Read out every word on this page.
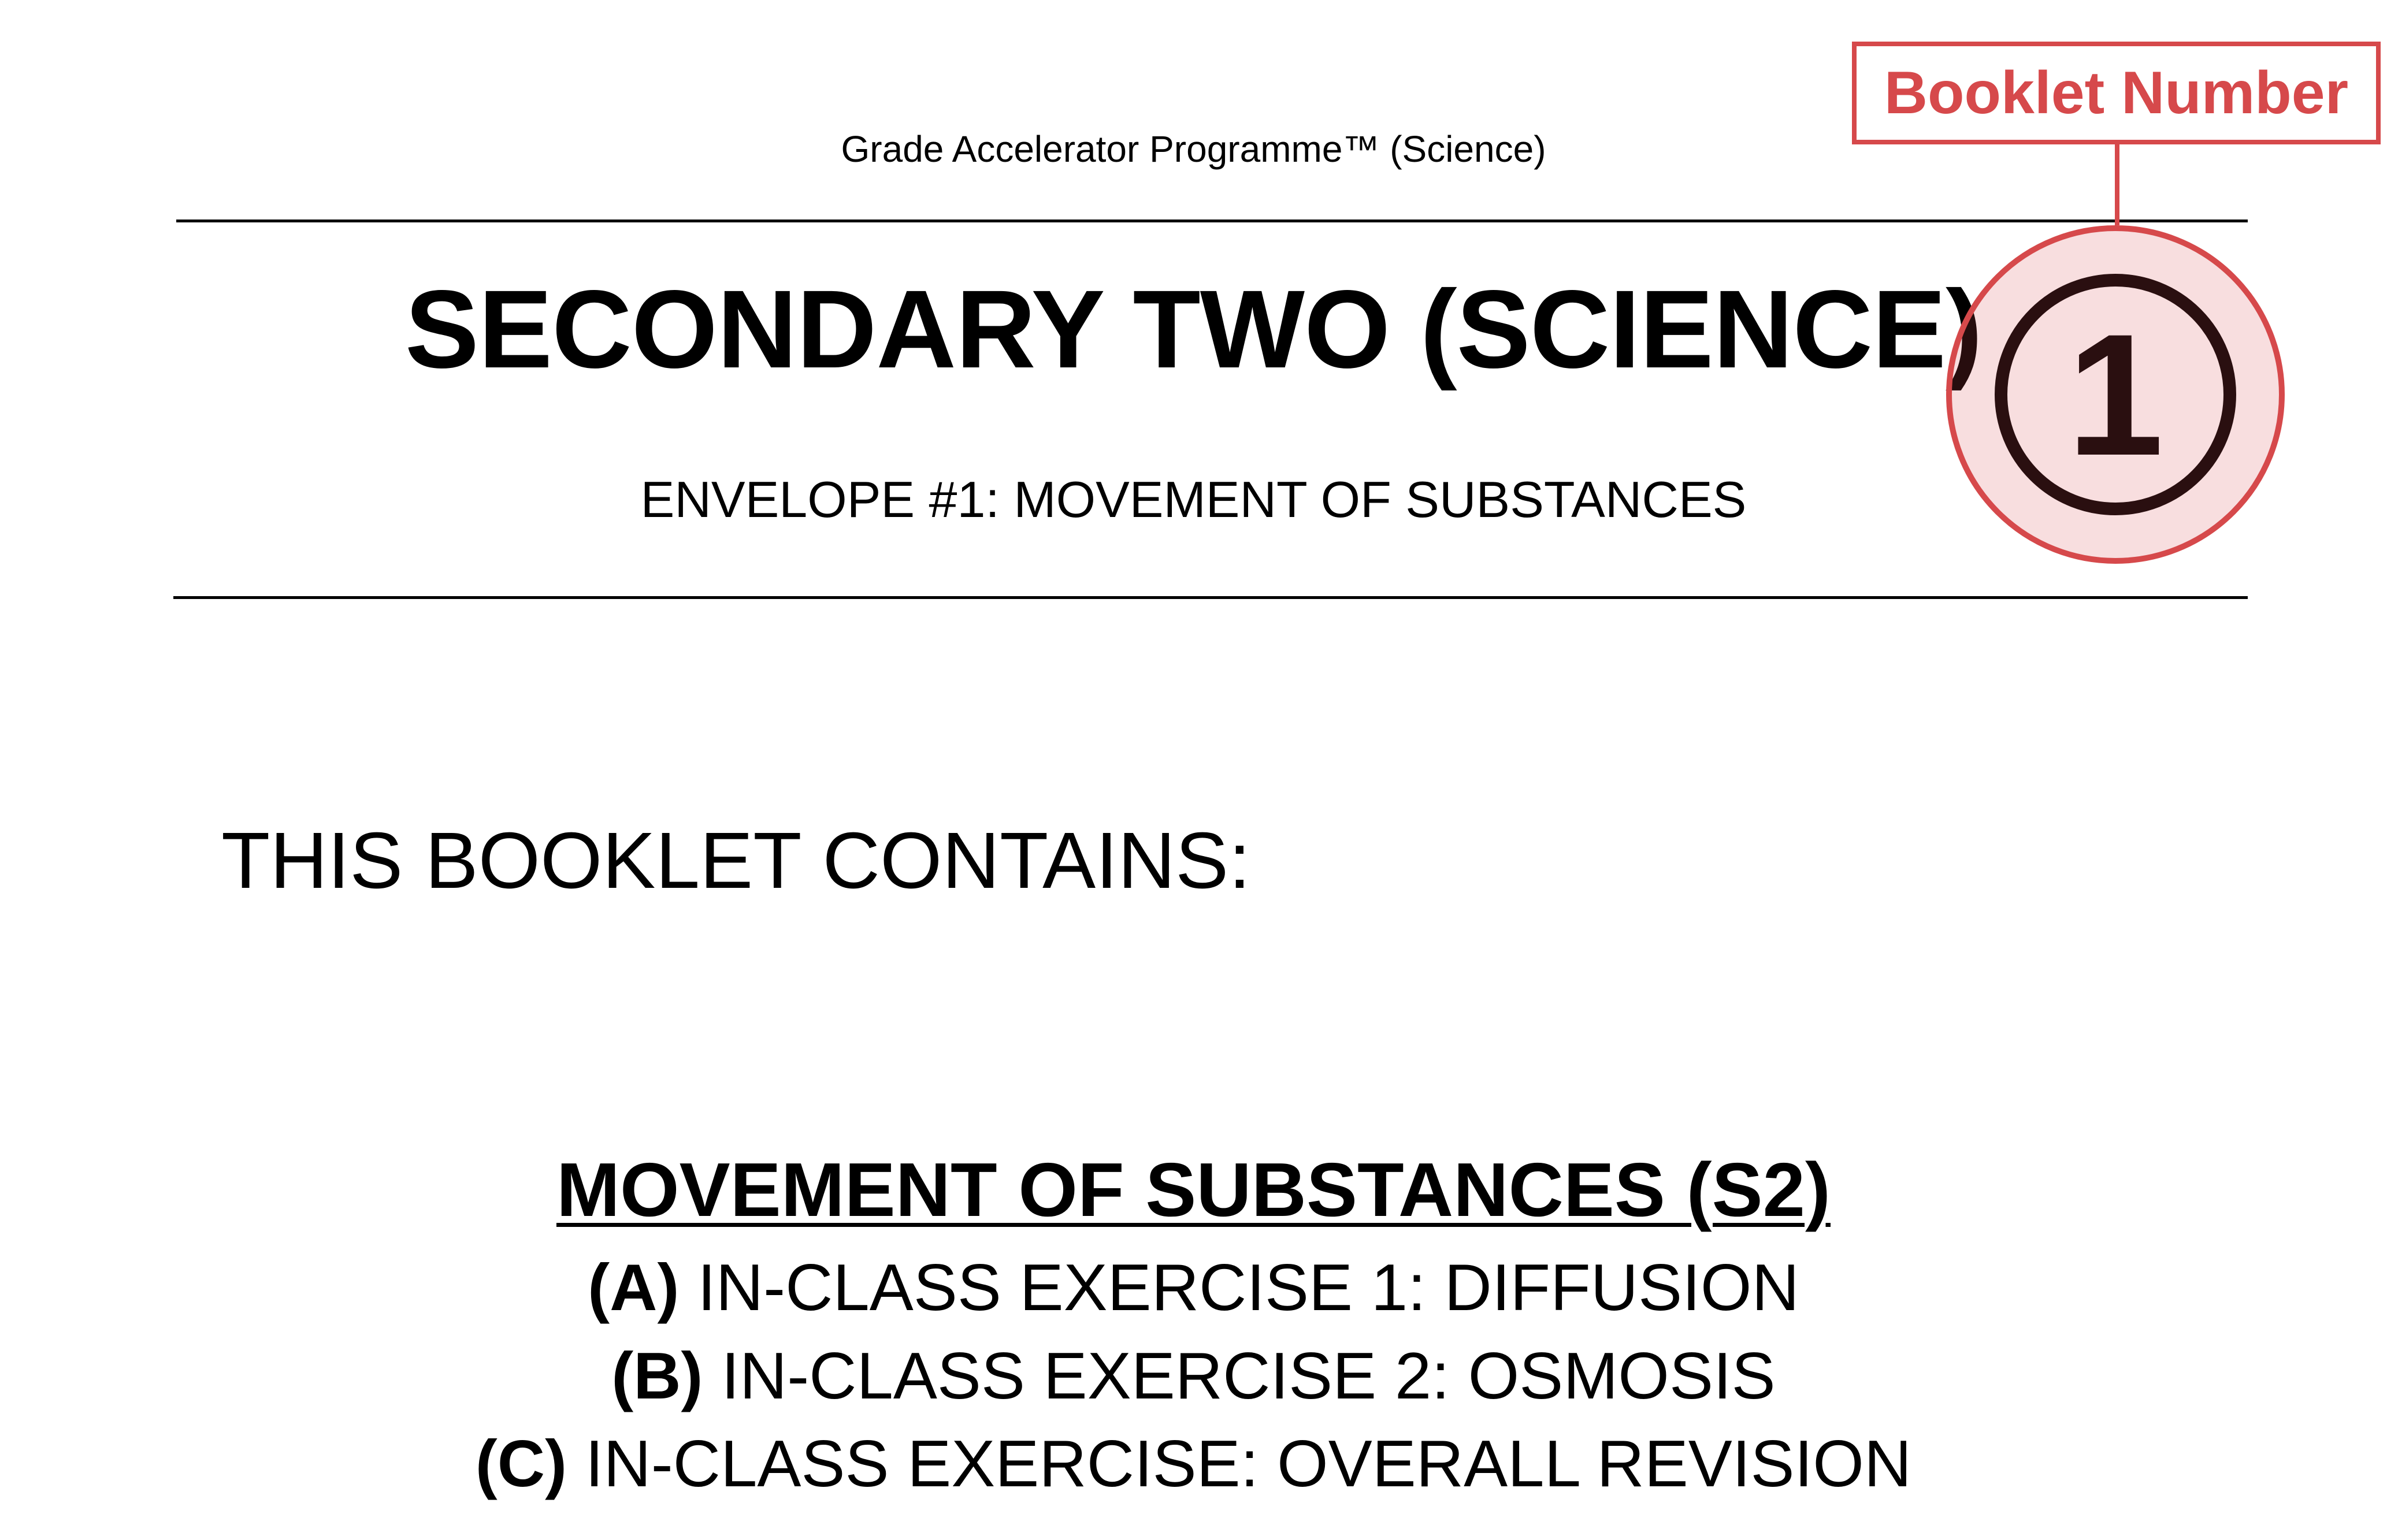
Grade Accelerator Programme™ (Science)
SECONDARY TWO (SCIENCE)
ENVELOPE #1: MOVEMENT OF SUBSTANCES
THIS BOOKLET CONTAINS:
MOVEMENT OF SUBSTANCES (S2)
(A) IN-CLASS EXERCISE 1: DIFFUSION
(B) IN-CLASS EXERCISE 2: OSMOSIS
(C) IN-CLASS EXERCISE: OVERALL REVISION
Booklet Number
1
